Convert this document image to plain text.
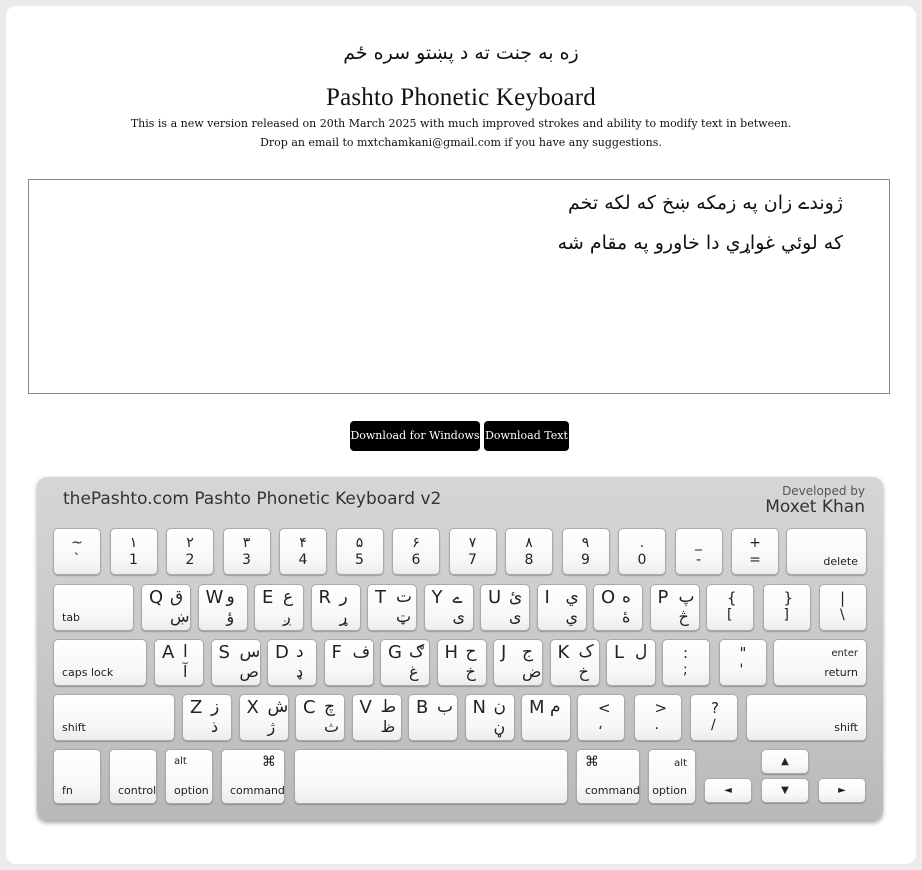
زه به جنت ته د پښتو سره ځم
Pashto Phonetic Keyboard
This is a new version released on 20th March 2025 with much improved strokes and ability to modify text in between.
Drop an email to mxtchamkani@gmail.com if you have any suggestions.
ژوندے زان په زمکه ښخ که لکه تخم
که لوئي غواړي دا خاورو په مقام شه
Download for Windows Download Text
thePashto.com Pashto Phonetic Keyboard v2	Developed by
Moxet Khan
delete
tab
caps lock
enter
return
shift	shift
fn	control
alt
option
⌘
command
⌘
command
alt
option	◄
▲
▼	►
~
`
١
1
٢
2
٣
3
۴
4
۵
5
۶
6
٧
7
٨
8
٩
9
.
0
_
-
+
=
Q ق
ښ
W و
ؤ
E ع
ږ
R ر
ړ
T ت
ټ
Y ے
ی
U ئ
ى
I ي
ي
O ه
ۀ
P پ
څ
{
[
}
]
|
\
A ا
آ
S س
ص
D د
ډ
F ف G ګ
غ
H ح
خ
J ج
ض
K ک
خ
L ل :
;
"
'
Z ز
ذ
X ش
ژ
C چ
ث
V ط
ظ
B ب N ن
ڼ
M م <
،
>
.
?
/
